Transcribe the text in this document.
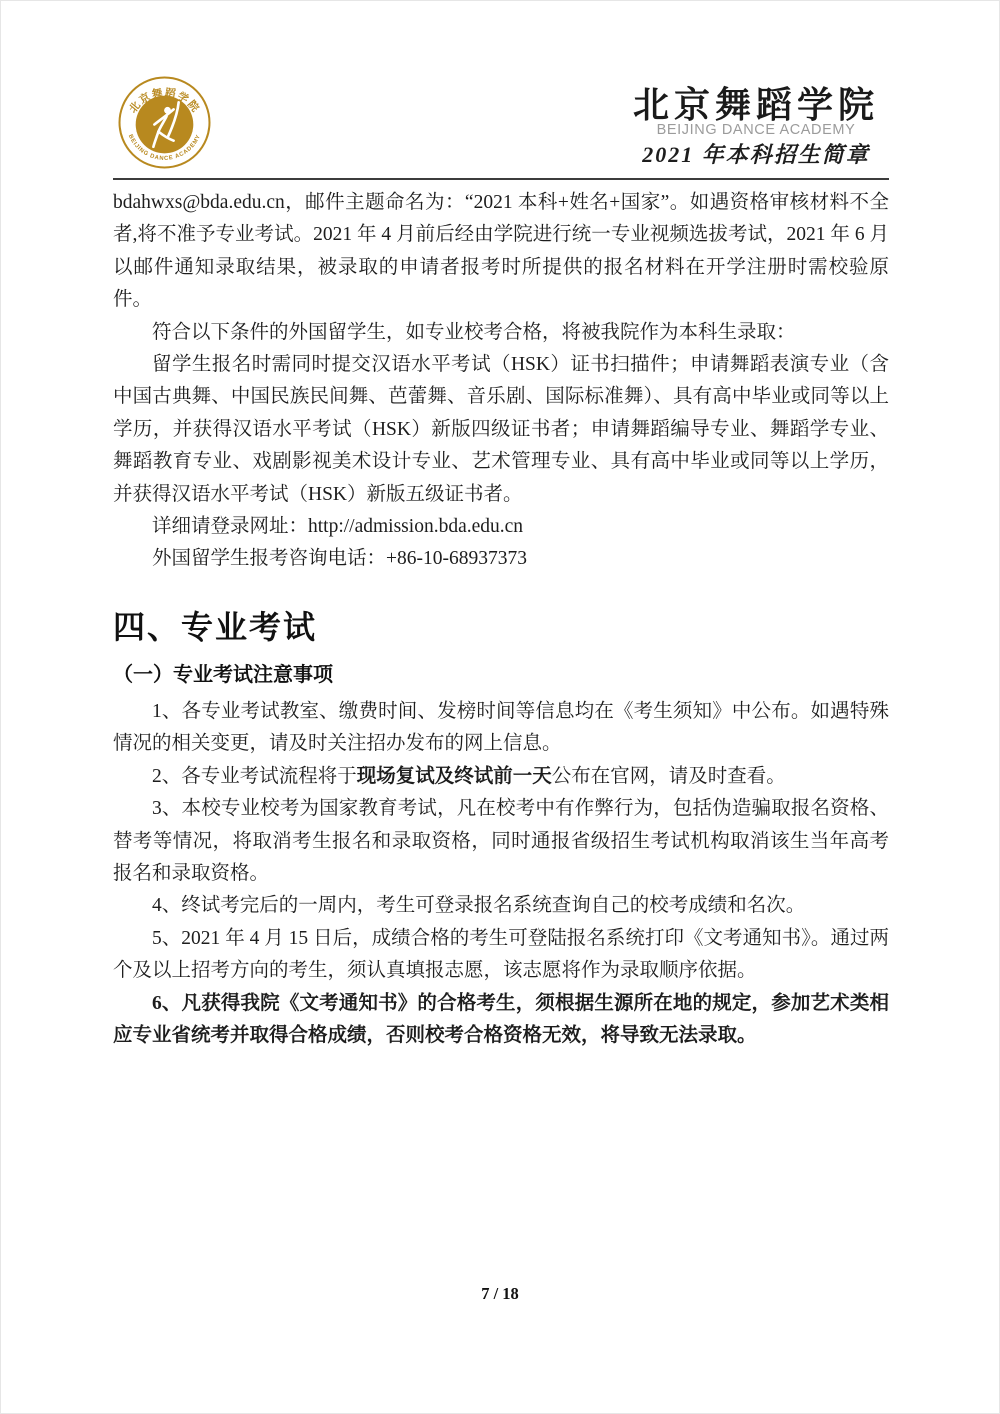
北京舞蹈学院
BEIJING DANCE ACADEMY
北京舞蹈学院
BEIJING DANCE ACADEMY
2021 年本科招生简章

bdahwxs@bda.edu.cn，邮件主题命名为：“2021 本科+姓名+国家”。如遇资格审核材料不全者,将不准予专业考试。2021 年 4 月前后经由学院进行统一专业视频选拔考试，2021 年 6 月以邮件通知录取结果，被录取的申请者报考时所提供的报名材料在开学注册时需校验原件。

符合以下条件的外国留学生，如专业校考合格，将被我院作为本科生录取：

留学生报名时需同时提交汉语水平考试（HSK）证书扫描件；申请舞蹈表演专业（含中国古典舞、中国民族民间舞、芭蕾舞、音乐剧、国际标准舞）、具有高中毕业或同等以上学历，并获得汉语水平考试（HSK）新版四级证书者；申请舞蹈编导专业、舞蹈学专业、舞蹈教育专业、戏剧影视美术设计专业、艺术管理专业、具有高中毕业或同等以上学历，并获得汉语水平考试（HSK）新版五级证书者。

详细请登录网址：http://admission.bda.edu.cn

外国留学生报考咨询电话：+86-10-68937373

四、专业考试
（一）专业考试注意事项

1、各专业考试教室、缴费时间、发榜时间等信息均在《考生须知》中公布。如遇特殊情况的相关变更，请及时关注招办发布的网上信息。

2、各专业考试流程将于现场复试及终试前一天公布在官网，请及时查看。

3、本校专业校考为国家教育考试，凡在校考中有作弊行为，包括伪造骗取报名资格、替考等情况，将取消考生报名和录取资格，同时通报省级招生考试机构取消该生当年高考报名和录取资格。

4、终试考完后的一周内，考生可登录报名系统查询自己的校考成绩和名次。

5、2021 年 4 月 15 日后，成绩合格的考生可登陆报名系统打印《文考通知书》。通过两个及以上招考方向的考生，须认真填报志愿，该志愿将作为录取顺序依据。

6、凡获得我院《文考通知书》的合格考生，须根据生源所在地的规定，参加艺术类相应专业省统考并取得合格成绩，否则校考合格资格无效，将导致无法录取。

7 / 18
